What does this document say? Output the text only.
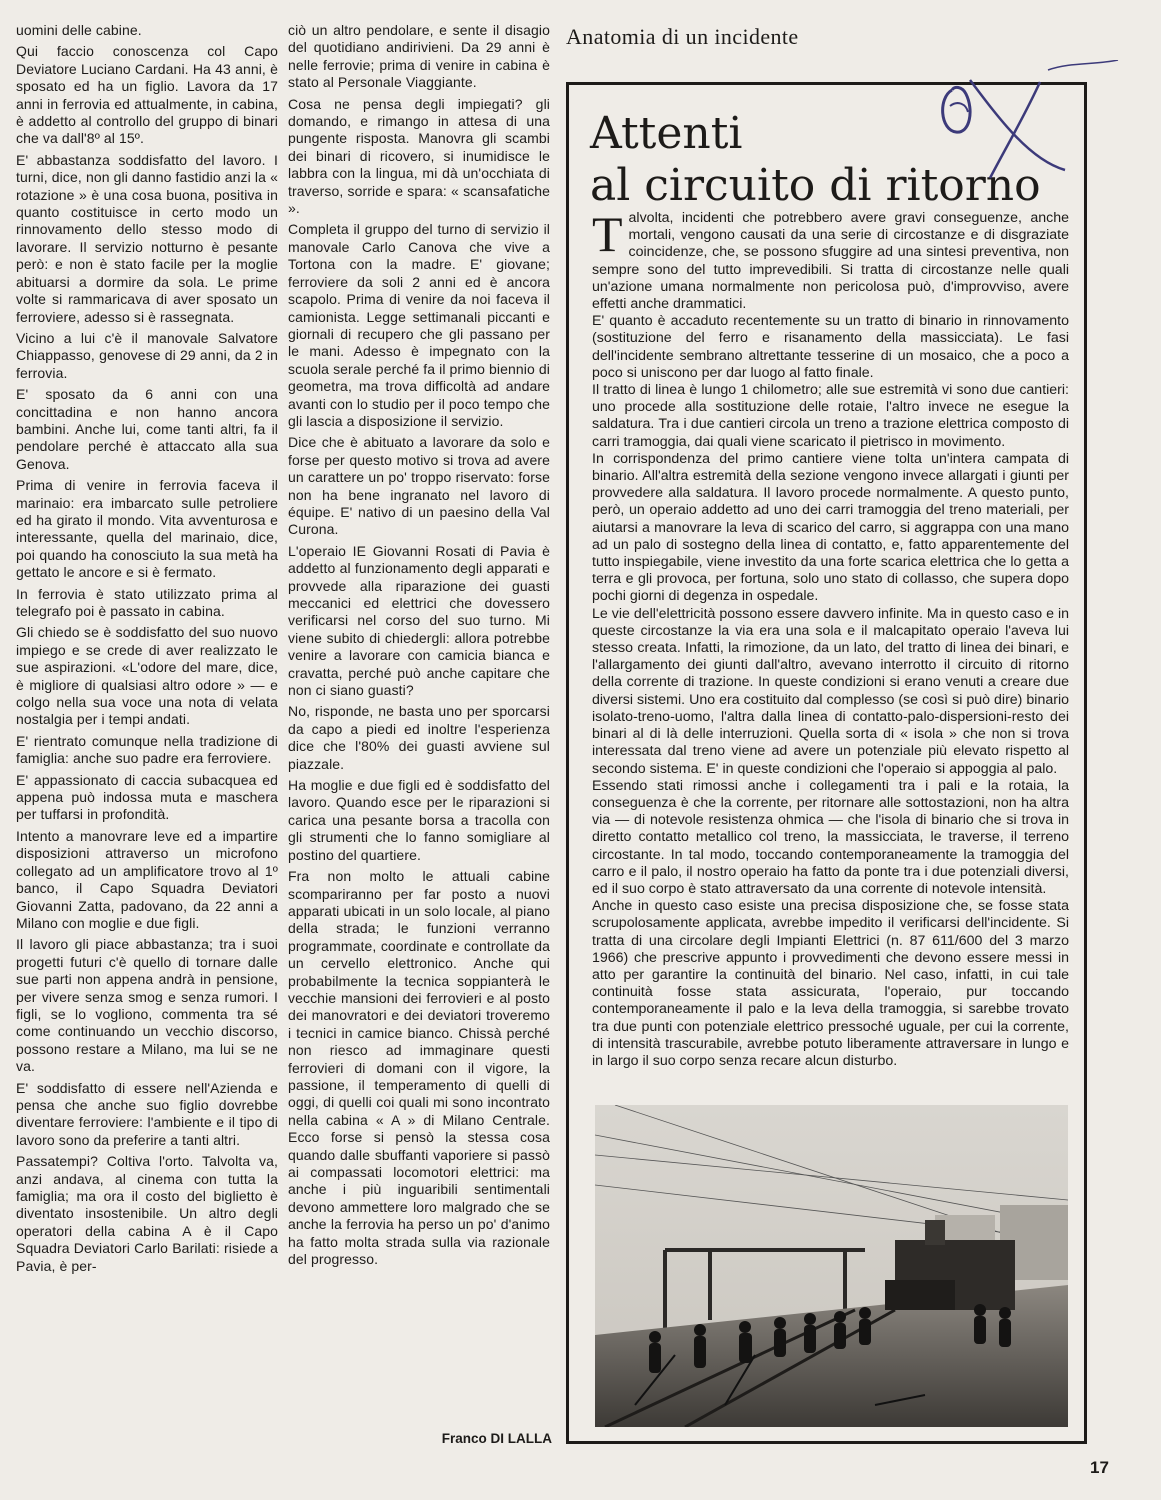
uomini delle cabine.

Qui faccio conoscenza col Capo Deviatore Luciano Cardani. Ha 43 anni, è sposato ed ha un figlio. Lavora da 17 anni in ferrovia ed attualmente, in cabina, è addetto al controllo del gruppo di binari che va dall'8º al 15º.

E' abbastanza soddisfatto del lavoro. I turni, dice, non gli danno fastidio anzi la « rotazione » è una cosa buona, positiva in quanto costituisce in certo modo un rinnovamento dello stesso modo di lavorare. Il servizio notturno è pesante però: e non è stato facile per la moglie abituarsi a dormire da sola. Le prime volte si rammaricava di aver sposato un ferroviere, adesso si è rassegnata.

Vicino a lui c'è il manovale Salvatore Chiappasso, genovese di 29 anni, da 2 in ferrovia.

E' sposato da 6 anni con una concittadina e non hanno ancora bambini. Anche lui, come tanti altri, fa il pendolare perché è attaccato alla sua Genova.

Prima di venire in ferrovia faceva il marinaio: era imbarcato sulle petroliere ed ha girato il mondo. Vita avventurosa e interessante, quella del marinaio, dice, poi quando ha conosciuto la sua metà ha gettato le ancore e si è fermato.

In ferrovia è stato utilizzato prima al telegrafo poi è passato in cabina.

Gli chiedo se è soddisfatto del suo nuovo impiego e se crede di aver realizzato le sue aspirazioni. «L'odore del mare, dice, è migliore di qualsiasi altro odore » — e colgo nella sua voce una nota di velata nostalgia per i tempi andati.

E' rientrato comunque nella tradizione di famiglia: anche suo padre era ferroviere.

E' appassionato di caccia subacquea ed appena può indossa muta e maschera per tuffarsi in profondità.

Intento a manovrare leve ed a impartire disposizioni attraverso un microfono collegato ad un amplificatore trovo al 1º banco, il Capo Squadra Deviatori Giovanni Zatta, padovano, da 22 anni a Milano con moglie e due figli.

Il lavoro gli piace abbastanza; tra i suoi progetti futuri c'è quello di tornare dalle sue parti non appena andrà in pensione, per vivere senza smog e senza rumori. I figli, se lo vogliono, commenta tra sé come continuando un vecchio discorso, possono restare a Milano, ma lui se ne va.

E' soddisfatto di essere nell'Azienda e pensa che anche suo figlio dovrebbe diventare ferroviere: l'ambiente e il tipo di lavoro sono da preferire a tanti altri.

Passatempi? Coltiva l'orto. Talvolta va, anzi andava, al cinema con tutta la famiglia; ma ora il costo del biglietto è diventato insostenibile. Un altro degli operatori della cabina A è il Capo Squadra Deviatori Carlo Barilati: risiede a Pavia, è per-

ciò un altro pendolare, e sente il disagio del quotidiano andirivieni. Da 29 anni è nelle ferrovie; prima di venire in cabina è stato al Personale Viaggiante.

Cosa ne pensa degli impiegati? gli domando, e rimango in attesa di una pungente risposta. Manovra gli scambi dei binari di ricovero, si inumidisce le labbra con la lingua, mi dà un'occhiata di traverso, sorride e spara: « scansafatiche ».

Completa il gruppo del turno di servizio il manovale Carlo Canova che vive a Tortona con la madre. E' giovane; ferroviere da soli 2 anni ed è ancora scapolo. Prima di venire da noi faceva il camionista. Legge settimanali piccanti e giornali di recupero che gli passano per le mani. Adesso è impegnato con la scuola serale perché fa il primo biennio di geometra, ma trova difficoltà ad andare avanti con lo studio per il poco tempo che gli lascia a disposizione il servizio.

Dice che è abituato a lavorare da solo e forse per questo motivo si trova ad avere un carattere un po' troppo riservato: forse non ha bene ingranato nel lavoro di équipe. E' nativo di un paesino della Val Curona.

L'operaio IE Giovanni Rosati di Pavia è addetto al funzionamento degli apparati e provvede alla riparazione dei guasti meccanici ed elettrici che dovessero verificarsi nel corso del suo turno. Mi viene subito di chiedergli: allora potrebbe venire a lavorare con camicia bianca e cravatta, perché può anche capitare che non ci siano guasti?

No, risponde, ne basta uno per sporcarsi da capo a piedi ed inoltre l'esperienza dice che l'80% dei guasti avviene sul piazzale.

Ha moglie e due figli ed è soddisfatto del lavoro. Quando esce per le riparazioni si carica una pesante borsa a tracolla con gli strumenti che lo fanno somigliare al postino del quartiere.

Fra non molto le attuali cabine scompariranno per far posto a nuovi apparati ubicati in un solo locale, al piano della strada; le funzioni verranno programmate, coordinate e controllate da un cervello elettronico. Anche qui probabilmente la tecnica soppianterà le vecchie mansioni dei ferrovieri e al posto dei manovratori e dei deviatori troveremo i tecnici in camice bianco. Chissà perché non riesco ad immaginare questi ferrovieri di domani con il vigore, la passione, il temperamento di quelli di oggi, di quelli coi quali mi sono incontrato nella cabina « A » di Milano Centrale. Ecco forse si pensò la stessa cosa quando dalle sbuffanti vaporiere si passò ai compassati locomotori elettrici: ma anche i più inguaribili sentimentali devono ammettere loro malgrado che se anche la ferrovia ha perso un po' d'animo ha fatto molta strada sulla via razionale del progresso.

Franco DI LALLA
Anatomia di un incidente
Attenti
al circuito di ritorno
0

Talvolta, incidenti che potrebbero avere gravi conseguenze, anche mortali, vengono causati da una serie di circostanze e di disgraziate coincidenze, che, se possono sfuggire ad una sintesi preventiva, non sempre sono del tutto imprevedibili. Si tratta di circostanze nelle quali un'azione umana normalmente non pericolosa può, d'improvviso, avere effetti anche drammatici.

E' quanto è accaduto recentemente su un tratto di binario in rinnovamento (sostituzione del ferro e risanamento della massicciata). Le fasi dell'incidente sembrano altrettante tesserine di un mosaico, che a poco a poco si uniscono per dar luogo al fatto finale.

Il tratto di linea è lungo 1 chilometro; alle sue estremità vi sono due cantieri: uno procede alla sostituzione delle rotaie, l'altro invece ne esegue la saldatura. Tra i due cantieri circola un treno a trazione elettrica composto di carri tramoggia, dai quali viene scaricato il pietrisco in movimento.

In corrispondenza del primo cantiere viene tolta un'intera campata di binario. All'altra estremità della sezione vengono invece allargati i giunti per provvedere alla saldatura. Il lavoro procede normalmente. A questo punto, però, un operaio addetto ad uno dei carri tramoggia del treno materiali, per aiutarsi a manovrare la leva di scarico del carro, si aggrappa con una mano ad un palo di sostegno della linea di contatto, e, fatto apparentemente del tutto inspiegabile, viene investito da una forte scarica elettrica che lo getta a terra e gli provoca, per fortuna, solo uno stato di collasso, che supera dopo pochi giorni di degenza in ospedale.

Le vie dell'elettricità possono essere davvero infinite. Ma in questo caso e in queste circostanze la via era una sola e il malcapitato operaio l'aveva lui stesso creata. Infatti, la rimozione, da un lato, del tratto di linea dei binari, e l'allargamento dei giunti dall'altro, avevano interrotto il circuito di ritorno della corrente di trazione. In queste condizioni si erano venuti a creare due diversi sistemi. Uno era costituito dal complesso (se così si può dire) binario isolato-treno-uomo, l'altra dalla linea di contatto-palo-dispersioni-resto dei binari al di là delle interruzioni. Quella sorta di « isola » che non si trova interessata dal treno viene ad avere un potenziale più elevato rispetto al secondo sistema. E' in queste condizioni che l'operaio si appoggia al palo.

Essendo stati rimossi anche i collegamenti tra i pali e la rotaia, la conseguenza è che la corrente, per ritornare alle sottostazioni, non ha altra via — di notevole resistenza ohmica — che l'isola di binario che si trova in diretto contatto metallico col treno, la massicciata, le traverse, il terreno circostante. In tal modo, toccando contemporaneamente la tramoggia del carro e il palo, il nostro operaio ha fatto da ponte tra i due potenziali diversi, ed il suo corpo è stato attraversato da una corrente di notevole intensità.

Anche in questo caso esiste una precisa disposizione che, se fosse stata scrupolosamente applicata, avrebbe impedito il verificarsi dell'incidente. Si tratta di una circolare degli Impianti Elettrici (n. 87 611/600 del 3 marzo 1966) che prescrive appunto i provvedimenti che devono essere messi in atto per garantire la continuità del binario. Nel caso, infatti, in cui tale continuità fosse stata assicurata, l'operaio, pur toccando contemporaneamente il palo e la leva della tramoggia, si sarebbe trovato tra due punti con potenziale elettrico pressoché uguale, per cui la corrente, di intensità trascurabile, avrebbe potuto liberamente attraversare in lungo e in largo il suo corpo senza recare alcun disturbo.

17
